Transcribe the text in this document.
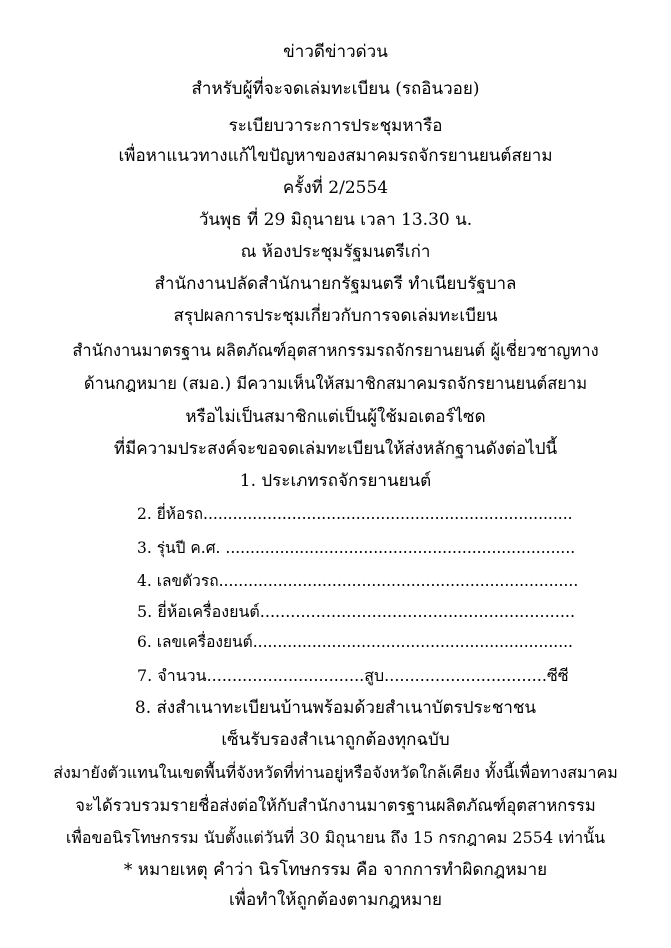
ข่าวดีข่าวด่วน
สำหรับผู้ที่จะจดเล่มทะเบียน (รถอินวอย)
ระเบียบวาระการประชุมหารือ
เพื่อหาแนวทางแก้ไขปัญหาของสมาคมรถจักรยานยนต์สยาม
ครั้งที่ 2/2554
วันพุธ ที่ 29 มิถุนายน เวลา 13.30 น.
ณ ห้องประชุมรัฐมนตรีเก่า
สำนักงานปลัดสำนักนายกรัฐมนตรี ทำเนียบรัฐบาล
สรุปผลการประชุมเกี่ยวกับการจดเล่มทะเบียน
สำนักงานมาตรฐาน ผลิตภัณฑ์อุตสาหกรรมรถจักรยานยนต์ ผู้เชี่ยวชาญทาง
ด้านกฎหมาย (สมอ.) มีความเห็นให้สมาชิกสมาคมรถจักรยานยนต์สยาม
หรือไม่เป็นสมาชิกแต่เป็นผู้ใช้มอเตอร์ไซด
ที่มีความประสงค์จะขอจดเล่มทะเบียนให้ส่งหลักฐานดังต่อไปนี้
1. ประเภทรถจักรยานยนต์
2. ยี่ห้อรถ...........................................................................
3. รุ่นปี ค.ศ. .......................................................................
4. เลขตัวรถ.........................................................................
5. ยี่ห้อเครื่องยนต์..............................................................
6. เลขเครื่องยนต์.................................................................
7. จำนวน...............................สูบ................................ซีซี
8. ส่งสำเนาทะเบียนบ้านพร้อมด้วยสำเนาบัตรประชาชน
เซ็นรับรองสำเนาถูกต้องทุกฉบับ
ส่งมายังตัวแทนในเขตพื้นที่จังหวัดที่ท่านอยู่หรือจังหวัดใกล้เคียง ทั้งนี้เพื่อทางสมาคม
จะได้รวบรวมรายชื่อส่งต่อให้กับสำนักงานมาตรฐานผลิตภัณฑ์อุตสาหกรรม
เพื่อขอนิรโทษกรรม นับตั้งแต่วันที่ 30 มิถุนายน ถึง 15 กรกฎาคม 2554 เท่านั้น
* หมายเหตุ คำว่า นิรโทษกรรม คือ จากการทำผิดกฎหมาย
เพื่อทำให้ถูกต้องตามกฎหมาย
